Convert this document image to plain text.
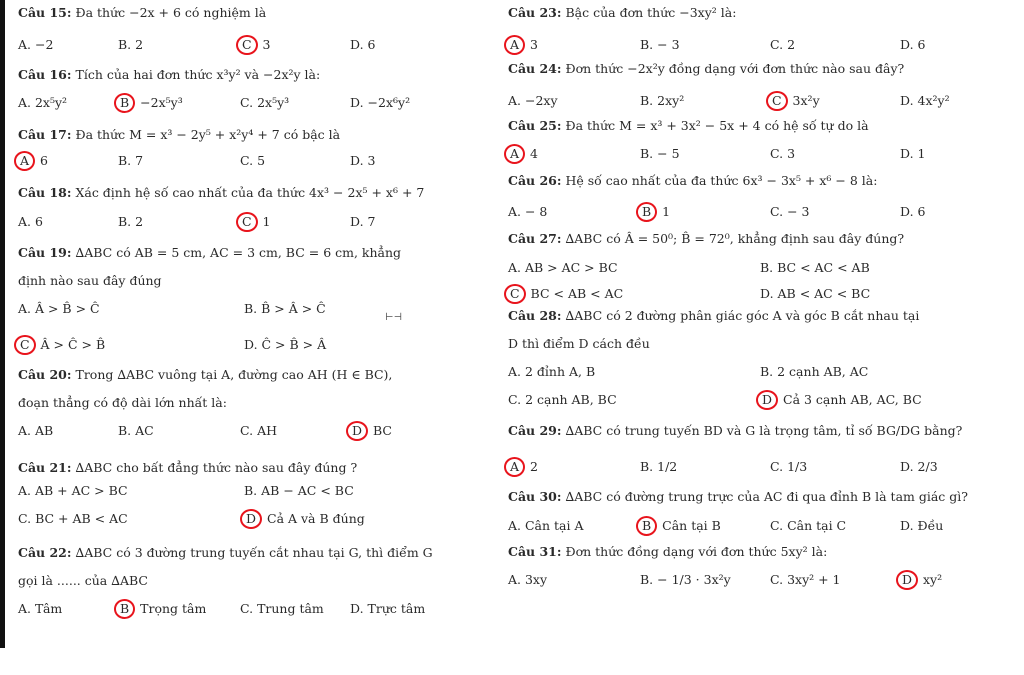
Câu 15: Đa thức −2x + 6 có nghiệm là
A. −2	B. 2	C 3	D. 6
Câu 16: Tích của hai đơn thức x³y² và −2x²y là:
A. 2x⁵y²	B −2x⁵y³	C. 2x⁵y³	D. −2x⁶y²
Câu 17: Đa thức M = x³ − 2y⁵ + x²y⁴ + 7 có bậc là
A 6	B. 7	C. 5	D. 3
Câu 18: Xác định hệ số cao nhất của đa thức 4x³ − 2x⁵ + x⁶ + 7
A. 6	B. 2	C 1	D. 7
Câu 19: ∆ABC có AB = 5 cm, AC = 3 cm, BC = 6 cm, khẳng
định nào sau đây đúng
A. Â > B̂ > Ĉ	B. B̂ > Â > Ĉ
C Â > Ĉ > B̂	D. Ĉ > B̂ > Â
Câu 20: Trong ∆ABC vuông tại A, đường cao AH (H ∈ BC),
đoạn thẳng có độ dài lớn nhất là:
A. AB	B. AC	C. AH	D BC
Câu 21: ∆ABC cho bất đẳng thức nào sau đây đúng ?
A. AB + AC > BC	B. AB − AC < BC
C. BC + AB < AC	D Cả A và B đúng
Câu 22: ∆ABC có 3 đường trung tuyến cắt nhau tại G, thì điểm G
gọi là ...... của ∆ABC
A. Tâm	B Trọng tâm	C. Trung tâm D. Trực tâm
Câu 23: Bậc của đơn thức −3xy² là:
A 3	B. − 3	C. 2	D. 6
Câu 24: Đơn thức −2x²y đồng dạng với đơn thức nào sau đây?
A. −2xy	B. 2xy²	C 3x²y	D. 4x²y²
Câu 25: Đa thức M = x³ + 3x² − 5x + 4 có hệ số tự do là
A 4	B. − 5	C. 3	D. 1
Câu 26: Hệ số cao nhất của đa thức 6x³ − 3x⁵ + x⁶ − 8 là:
A. − 8	B 1	C. − 3	D. 6
Câu 27: ∆ABC có Â = 50⁰; B̂ = 72⁰, khẳng định sau đây đúng?
A. AB > AC > BC	B. BC < AC < AB
C BC < AB < AC	D. AB < AC < BC
Câu 28: ∆ABC có 2 đường phân giác góc A và góc B cắt nhau tại
D thì điểm D cách đều
A. 2 đỉnh A, B	B. 2 cạnh AB, AC
C. 2 cạnh AB, BC	D Cả 3 cạnh AB, AC, BC
Câu 29: ∆ABC có trung tuyến BD và G là trọng tâm, tỉ số BG/DG bằng?
A 2	B. 1/2	C. 1/3	D. 2/3
Câu 30: ∆ABC có đường trung trực của AC đi qua đỉnh B là tam giác gì?
A. Cân tại A	B Cân tại B	C. Cân tại C	D. Đều
Câu 31: Đơn thức đồng dạng với đơn thức 5xy² là:
A. 3xy	B. − 1/3 · 3x²y	C. 3xy² + 1	D xy²
⊢⊣
